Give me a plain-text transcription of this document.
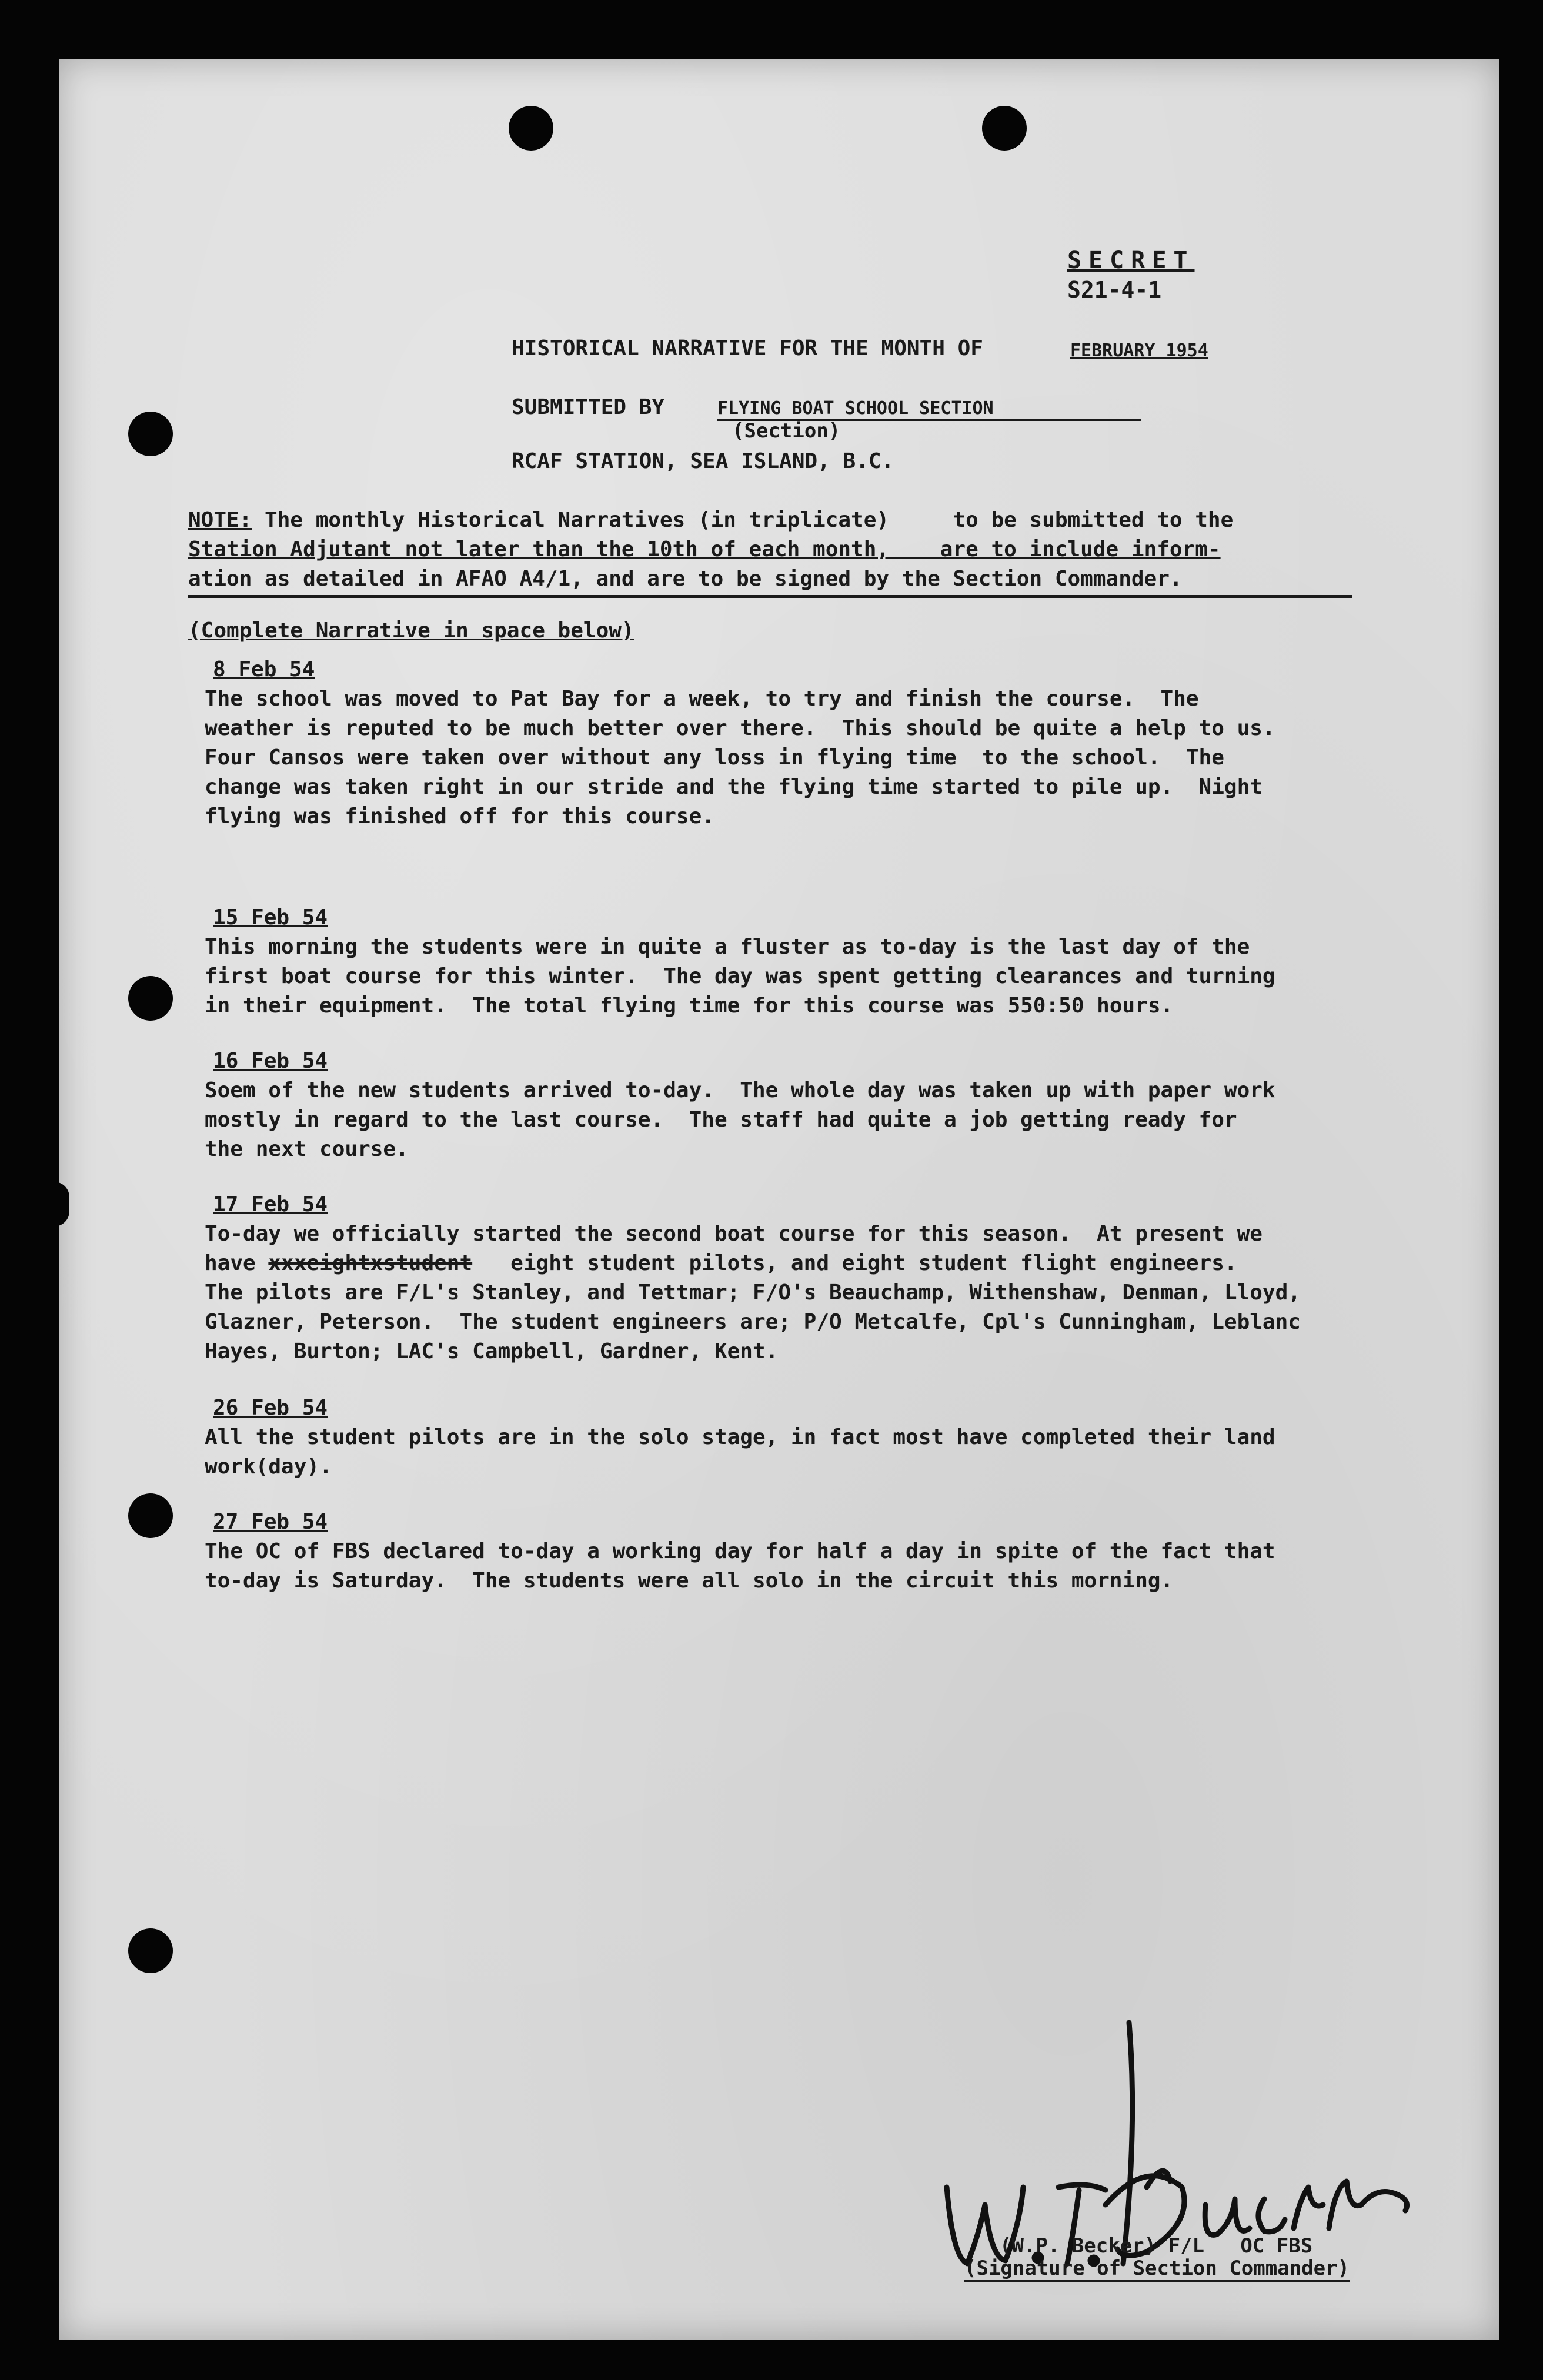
SECRET
S21-4-1
HISTORICAL NARRATIVE FOR THE MONTH OF	FEBRUARY 1954
SUBMITTED BY	FLYING BOAT SCHOOL SECTION
(Section)
RCAF STATION, SEA ISLAND, B.C.
NOTE: The monthly Historical Narratives (in triplicate)     to be submitted to the
Station Adjutant not later than the 10th of each month,    are to include inform-
ation as detailed in AFAO A4/1, and are to be signed by the Section Commander.
(Complete Narrative in space below)
8 Feb 54
The school was moved to Pat Bay for a week, to try and finish the course.  The
weather is reputed to be much better over there.  This should be quite a help to us.
Four Cansos were taken over without any loss in flying time  to the school.  The
change was taken right in our stride and the flying time started to pile up.  Night
flying was finished off for this course.
15 Feb 54
This morning the students were in quite a fluster as to-day is the last day of the
first boat course for this winter.  The day was spent getting clearances and turning
in their equipment.  The total flying time for this course was 550:50 hours.
16 Feb 54
Soem of the new students arrived to-day.  The whole day was taken up with paper work
mostly in regard to the last course.  The staff had quite a job getting ready for
the next course.
17 Feb 54
To-day we officially started the second boat course for this season.  At present we
have xxxeightxstudent   eight student pilots, and eight student flight engineers.
The pilots are F/L's Stanley, and Tettmar; F/O's Beauchamp, Withenshaw, Denman, Lloyd,
Glazner, Peterson.  The student engineers are; P/O Metcalfe, Cpl's Cunningham, Leblanc
Hayes, Burton; LAC's Campbell, Gardner, Kent.
26 Feb 54
All the student pilots are in the solo stage, in fact most have completed their land
work(day).
27 Feb 54
The OC of FBS declared to-day a working day for half a day in spite of the fact that
to-day is Saturday.  The students were all solo in the circuit this morning.
(W.P. Becker) F/L   OC FBS
(Signature of Section Commander)
